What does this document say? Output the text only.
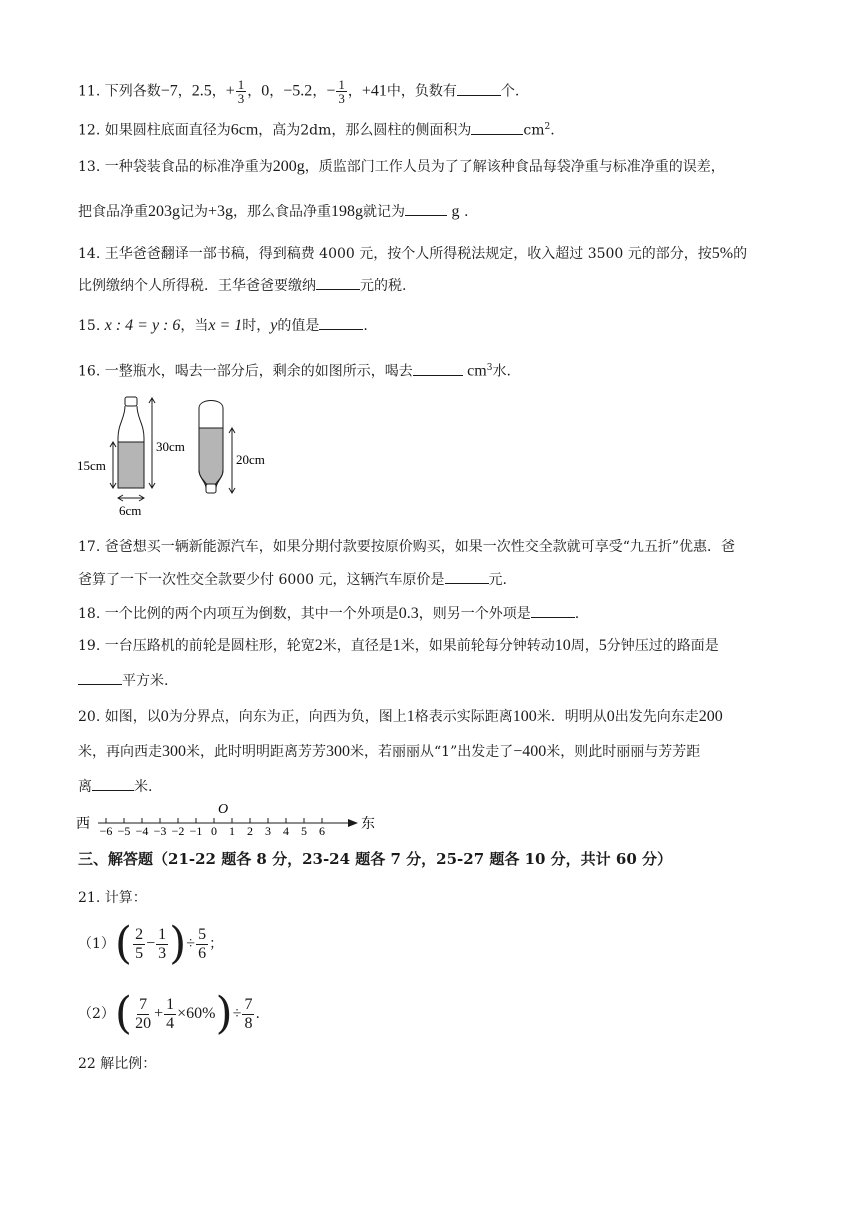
11. 下列各数−7，2.5，+ $\frac{1}{3}$ ，0，−5.2，− $\frac{1}{3}$ ，+41中，负数有	个.
12. 如果圆柱底面直径为6cm，高为2dm，那么圆柱的侧面积为	$cm^2$.
13. 一种袋装食品的标准净重为200g，质监部门工作人员为了了解该种食品每袋净重与标准净重的误差，
把食品净重203g记为+3g，那么食品净重198g就记为	g .
14. 王华爸爸翻译一部书稿，得到稿费 4000 元，按个人所得税法规定，收入超过 3500 元的部分，按5%的
比例缴纳个人所得税．王华爸爸要缴纳	元的税.
15. x : 4 = y : 6，当x = 1时，y的值是	.
16. 一整瓶水，喝去一部分后，剩余的如图所示，喝去	$cm^3$水.
30cm
15cm
6cm
20cm
17. 爸爸想买一辆新能源汽车，如果分期付款要按原价购买，如果一次性交全款就可享受“九五折”优惠．爸
爸算了一下一次性交全款要少付 6000 元，这辆汽车原价是	元.
18. 一个比例的两个内项互为倒数，其中一个外项是0.3，则另一个外项是	.
19. 一台压路机的前轮是圆柱形，轮宽2米，直径是1米，如果前轮每分钟转动10周，5分钟压过的路面是
平方米.
20. 如图，以0为分界点，向东为正，向西为负，图上1格表示实际距离100米．明明从0出发先向东走200
米，再向西走300米，此时明明距离芳芳300米，若丽丽从“1”出发走了−400米，则此时丽丽与芳芳距
离	米.
西	东
O
−6 −5 −4 −3 −2 −1 0 1 2 3 4 5 6
三、解答题（21-22 题各 8 分，23-24 题各 7 分，25-27 题各 10 分，共计 60 分）
21. 计算：
（1） ( $\frac{2}{5} - \frac{1}{3}$ ) ÷ $\frac{5}{6}$ ；
（2） ( $\frac{7}{20} + \frac{1}{4} \times 60\%$ ) ÷ $\frac{7}{8}$ .
22 解比例：
